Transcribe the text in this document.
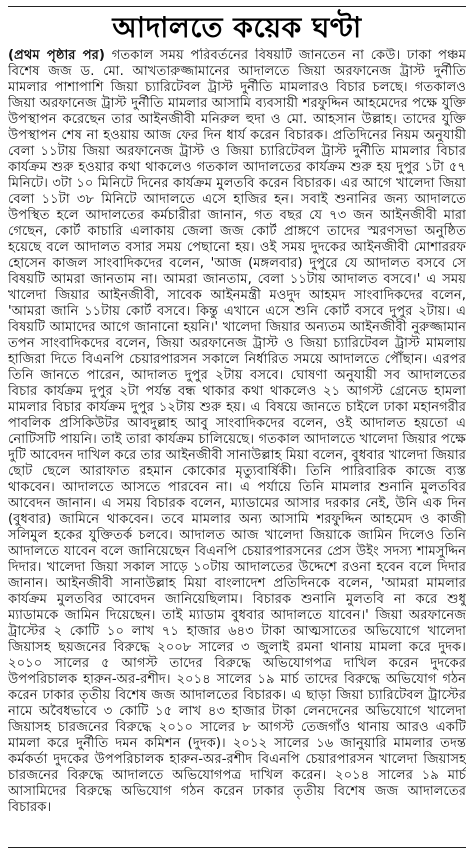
আদালতে কয়েক ঘণ্টা

(প্রথম পৃষ্ঠার পর) গতকাল সময় পরিবর্তনের বিষয়টি জানতেন না কেউ। ঢাকা পঞ্চম বিশেষ জজ ড. মো. আখতারুজ্জামানের আদালতে জিয়া অরফানেজ ট্রাস্ট দুর্নীতি মামলার পাশাপাশি জিয়া চ্যারিটেবল ট্রাস্ট দুর্নীতি মামলারও বিচার চলছে। গতকালও জিয়া অরফানেজ ট্রাস্ট দুর্নীতি মামলার আসামি ব্যবসায়ী শরফুদ্দিন আহমেদের পক্ষে যুক্তি উপস্থাপন করেছেন তার আইনজীবী মনিরুল হুদা ও মো. আহসান উল্লাহ। তাদের যুক্তি উপস্থাপন শেষ না হওয়ায় আজ ফের দিন ধার্য করেন বিচারক। প্রতিদিনের নিয়ম অনুযায়ী বেলা ১১টায় জিয়া অরফানেজ ট্রাস্ট ও জিয়া চ্যারিটেবল ট্রাস্ট দুর্নীতি মামলার বিচার কার্যক্রম শুরু হওয়ার কথা থাকলেও গতকাল আদালতের কার্যক্রম শুরু হয় দুপুর ১টা ৫৭ মিনিটে। ৩টা ১০ মিনিটে দিনের কার্যক্রম মুলতবি করেন বিচারক। এর আগে খালেদা জিয়া বেলা ১১টা ৩৮ মিনিটে আদালতে এসে হাজির হন। সবাই শুনানির জন্য আদালতে উপস্থিত হলে আদালতের কর্মচারীরা জানান, গত বছর যে ৭৩ জন আইনজীবী মারা গেছেন, কোর্ট কাচারি এলাকায় জেলা জজ কোর্ট প্রাঙ্গণে তাদের স্মরণসভা অনুষ্ঠিত হয়েছে বলে আদালত বসার সময় পেছানো হয়। ওই সময় দুদকের আইনজীবী মোশাররফ হোসেন কাজল সাংবাদিকদের বলেন, 'আজ (মঙ্গলবার) দুপুরে যে আদালত বসবে সে বিষয়টি আমরা জানতাম না। আমরা জানতাম, বেলা ১১টায় আদালত বসবে।' এ সময় খালেদা জিয়ার আইনজীবী, সাবেক আইনমন্ত্রী মওদুদ আহমদ সাংবাদিকদের বলেন, 'আমরা জানি ১১টায় কোর্ট বসবে। কিন্তু এখানে এসে শুনি কোর্ট বসবে দুপুর ২টায়। এ বিষয়টি আমাদের আগে জানানো হয়নি।' খালেদা জিয়ার অন্যতম আইনজীবী নুরুজ্জামান তপন সাংবাদিকদের বলেন, জিয়া অরফানেজ ট্রাস্ট ও জিয়া চ্যারিটেবল ট্রাস্ট মামলায় হাজিরা দিতে বিএনপি চেয়ারপারসন সকালে নির্ধারিত সময়ে আদালতে পৌঁছান। এরপর তিনি জানতে পারেন, আদালত দুপুর ২টায় বসবে। ঘোষণা অনুযায়ী সব আদালতের বিচার কার্যক্রম দুপুর ২টা পর্যন্ত বন্ধ থাকার কথা থাকলেও ২১ আগস্ট গ্রেনেড হামলা মামলার বিচার কার্যক্রম দুপুর ১২টায় শুরু হয়। এ বিষয়ে জানতে চাইলে ঢাকা মহানগরীর পাবলিক প্রসিকিউটর আবদুল্লাহ আবু সাংবাদিকদের বলেন, ওই আদালত হয়তো এ নোটিসটি পায়নি। তাই তারা কার্যক্রম চালিয়েছে। গতকাল আদালতে খালেদা জিয়ার পক্ষে দুটি আবেদন দাখিল করে তার আইনজীবী সানাউল্লাহ মিয়া বলেন, বুধবার খালেদা জিয়ার ছোট ছেলে আরাফাত রহমান কোকোর মৃত্যুবার্ষিকী। তিনি পারিবারিক কাজে ব্যস্ত থাকবেন। আদালতে আসতে পারবেন না। এ পর্যায়ে তিনি মামলার শুনানি মুলতবির আবেদন জানান। এ সময় বিচারক বলেন, ম্যাডামের আসার দরকার নেই, উনি এক দিন (বুধবার) জামিনে থাকবেন। তবে মামলার অন্য আসামি শরফুদ্দিন আহমেদ ও কাজী সলিমুল হকের যুক্তিতর্ক চলবে। আদালত আজ খালেদা জিয়াকে জামিন দিলেও তিনি আদালতে যাবেন বলে জানিয়েছেন বিএনপি চেয়ারপারসনের প্রেস উইং সদস্য শামসুদ্দিন দিদার। খালেদা জিয়া সকাল সাড়ে ১০টায় আদালতের উদ্দেশে রওনা হবেন বলে দিদার জানান। আইনজীবী সানাউল্লাহ মিয়া বাংলাদেশ প্রতিদিনকে বলেন, 'আমরা মামলার কার্যক্রম মুলতবির আবেদন জানিয়েছিলাম। বিচারক শুনানি মুলতবি না করে শুধু ম্যাডামকে জামিন দিয়েছেন। তাই ম্যাডাম বুধবার আদালতে যাবেন।' জিয়া অরফানেজ ট্রাস্টের ২ কোটি ১০ লাখ ৭১ হাজার ৬৪৩ টাকা আত্মসাতের অভিযোগে খালেদা জিয়াসহ ছয়জনের বিরুদ্ধে ২০০৮ সালের ৩ জুলাই রমনা থানায় মামলা করে দুদক। ২০১০ সালের ৫ আগস্ট তাদের বিরুদ্ধে অভিযোগপত্র দাখিল করেন দুদকের উপপরিচালক হারুন-অর-রশীদ। ২০১৪ সালের ১৯ মার্চ তাদের বিরুদ্ধে অভিযোগ গঠন করেন ঢাকার তৃতীয় বিশেষ জজ আদালতের বিচারক। এ ছাড়া জিয়া চ্যারিটেবল ট্রাস্টের নামে অবৈধভাবে ৩ কোটি ১৫ লাখ ৪৩ হাজার টাকা লেনদেনের অভিযোগে খালেদা জিয়াসহ চারজনের বিরুদ্ধে ২০১০ সালের ৮ আগস্ট তেজগাঁও থানায় আরও একটি মামলা করে দুর্নীতি দমন কমিশন (দুদক)। ২০১২ সালের ১৬ জানুয়ারি মামলার তদন্ত কর্মকর্তা দুদকের উপপরিচালক হারুন-অর-রশীদ বিএনপি চেয়ারপারসন খালেদা জিয়াসহ চারজনের বিরুদ্ধে আদালতে অভিযোগপত্র দাখিল করেন। ২০১৪ সালের ১৯ মার্চ আসামিদের বিরুদ্ধে অভিযোগ গঠন করেন ঢাকার তৃতীয় বিশেষ জজ আদালতের বিচারক।
